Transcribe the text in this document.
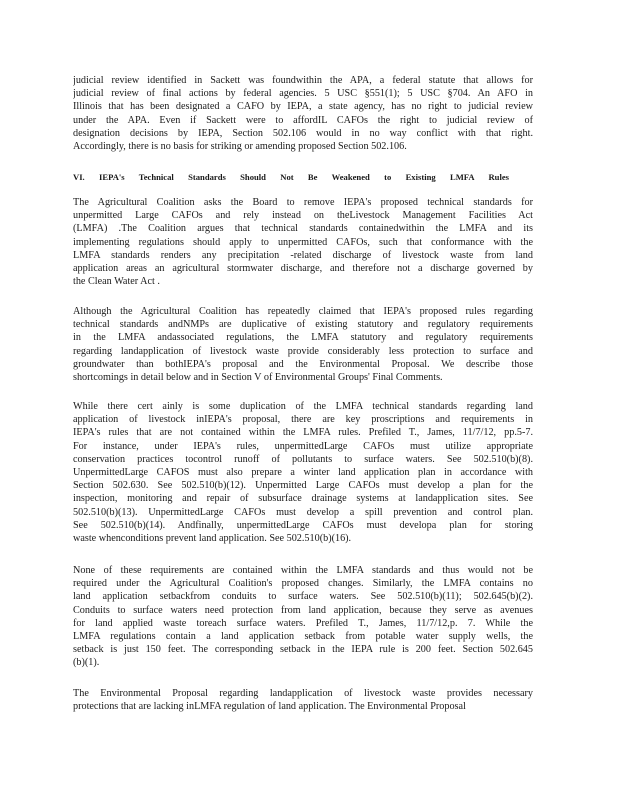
judicial review identified in Sackett was foundwithin the APA, a federal statute that allows for
judicial review of final actions by federal agencies. 5 USC §551(1); 5 USC §704. An AFO in
Illinois that has been designated a CAFO by IEPA, a state agency, has no right to judicial review
under the APA. Even if Sackett were to affordIL CAFOs the right to judicial review of
designation decisions by IEPA, Section 502.106 would in no way conflict with that right.
Accordingly, there is no basis for striking or amending proposed Section 502.106.
VI. IEPA's Technical Standards Should Not Be Weakened to Existing LMFA Rules
The Agricultural Coalition asks the Board to remove IEPA's proposed technical standards for
unpermitted Large CAFOs and rely instead on theLivestock Management Facilities Act
(LMFA) .The Coalition argues that technical standards containedwithin the LMFA and its
implementing regulations should apply to unpermitted CAFOs, such that conformance with the
LMFA standards renders any precipitation -related discharge of livestock waste from land
application areas an agricultural stormwater discharge, and therefore not a discharge governed by
the Clean Water Act .
Although the Agricultural Coalition has repeatedly claimed that IEPA's proposed rules regarding
technical standards andNMPs are duplicative of existing statutory and regulatory requirements
in the LMFA andassociated regulations, the LMFA statutory and regulatory requirements
regarding landapplication of livestock waste provide considerably less protection to surface and
groundwater than bothIEPA's proposal and the Environmental Proposal. We describe those
shortcomings in detail below and in Section V of Environmental Groups' Final Comments.
While there cert ainly is some duplication of the LMFA technical standards regarding land
application of livestock inIEPA's proposal, there are key proscriptions and requirements in
IEPA's rules that are not contained within the LMFA rules. Prefiled T., James, 11/7/12, pp.5-7.
For instance, under IEPA's rules, unpermittedLarge CAFOs must utilize appropriate
conservation practices tocontrol runoff of pollutants to surface waters. See 502.510(b)(8).
UnpermittedLarge CAFOS must also prepare a winter land application plan in accordance with
Section 502.630. See 502.510(b)(12). Unpermitted Large CAFOs must develop a plan for the
inspection, monitoring and repair of subsurface drainage systems at landapplication sites. See
502.510(b)(13). UnpermittedLarge CAFOs must develop a spill prevention and control plan.
See 502.510(b)(14). Andfinally, unpermittedLarge CAFOs must developa plan for storing
waste whenconditions prevent land application. See 502.510(b)(16).
None of these requirements are contained within the LMFA standards and thus would not be
required under the Agricultural Coalition's proposed changes. Similarly, the LMFA contains no
land application setbackfrom conduits to surface waters. See 502.510(b)(11); 502.645(b)(2).
Conduits to surface waters need protection from land application, because they serve as avenues
for land applied waste toreach surface waters. Prefiled T., James, 11/7/12,p. 7. While the
LMFA regulations contain a land application setback from potable water supply wells, the
setback is just 150 feet. The corresponding setback in the IEPA rule is 200 feet. Section 502.645
(b)(1).
The Environmental Proposal regarding landapplication of livestock waste provides necessary
protections that are lacking inLMFA regulation of land application. The Environmental Proposal
